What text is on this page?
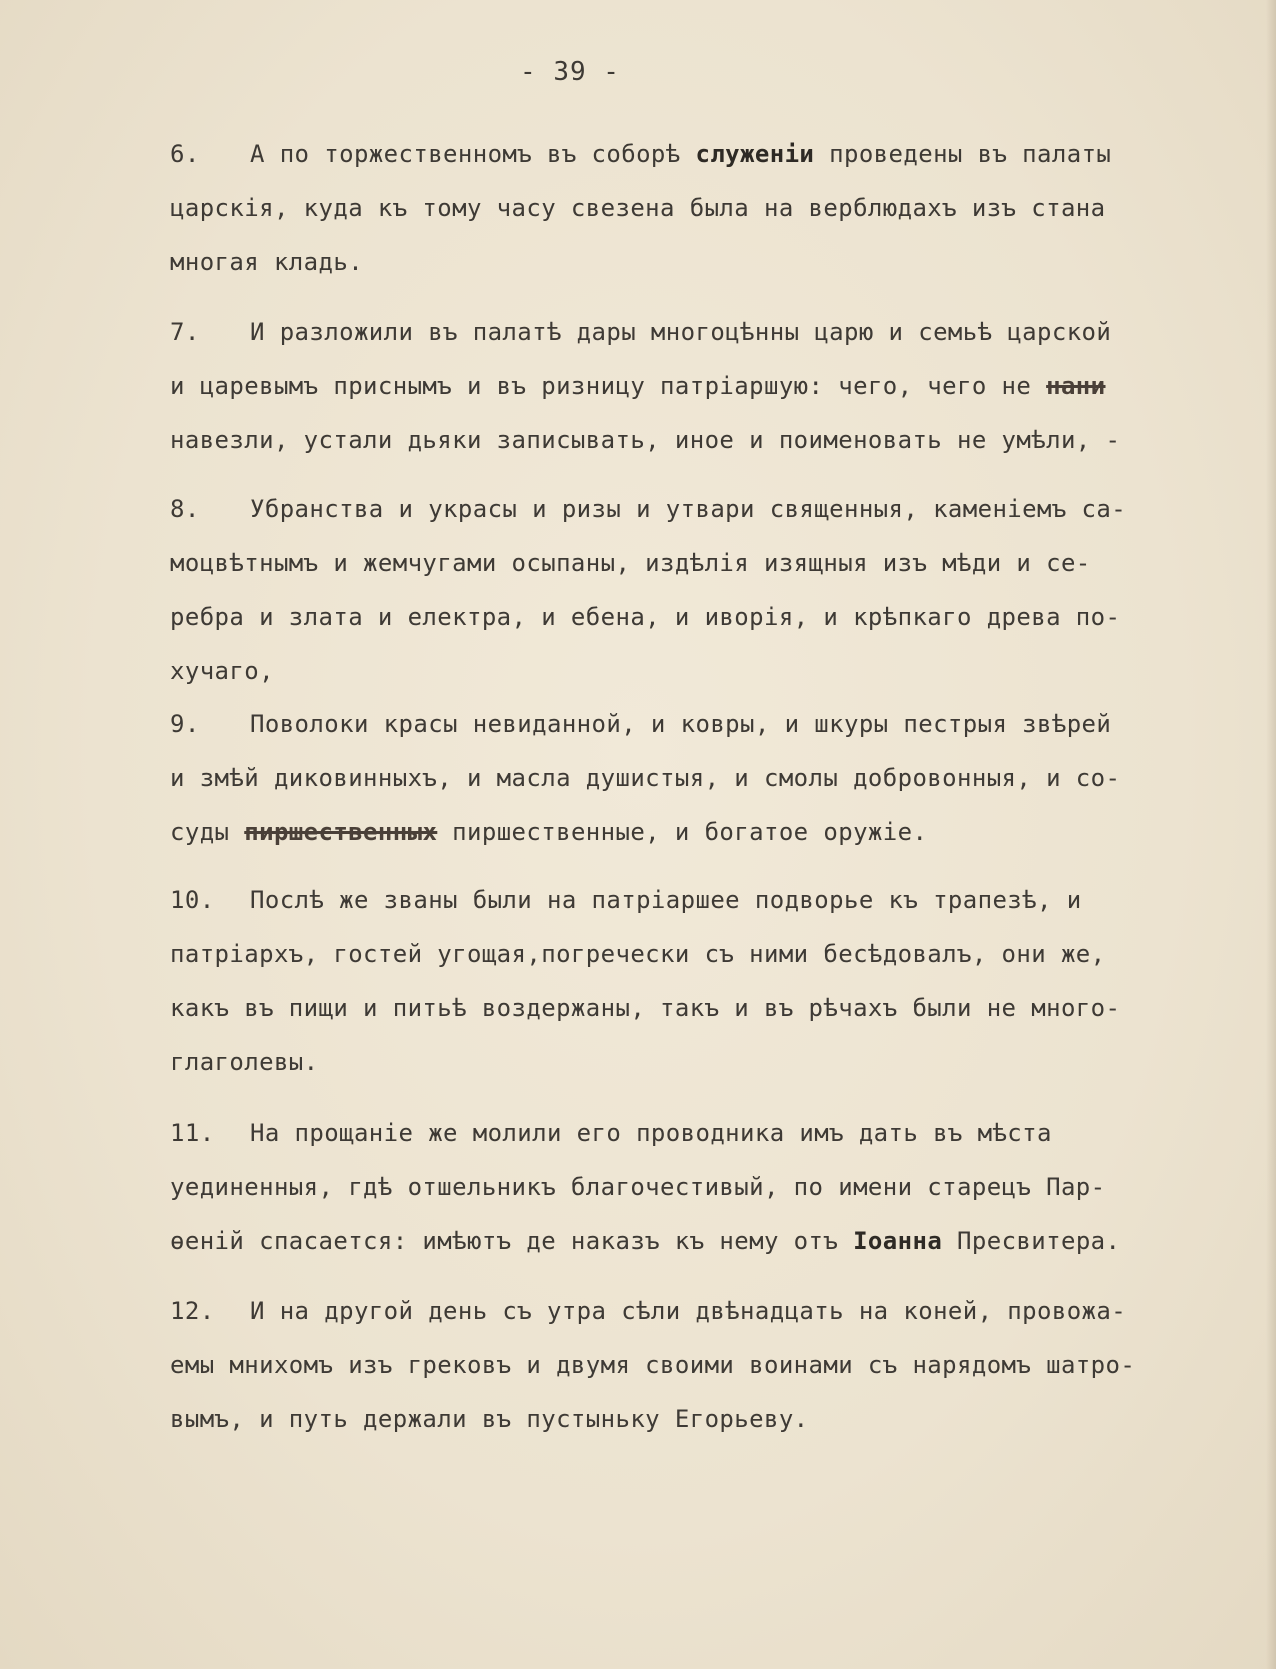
- 39 -
6. А по торжественномъ въ соборѣ служенiи проведены въ палаты
царскiя, куда къ тому часу свезена была на верблюдахъ изъ стана
многая кладь.
7. И разложили въ палатѣ дары многоцѣнны царю и семьѣ царской
и царевымъ приснымъ и въ ризницу патрiаршую: чего, чего не нани
навезли, устали дьяки записывать, иное и поименовать не умѣли, -
8. Убранства и украсы и ризы и утвари священныя, каменiемъ са-
моцвѣтнымъ и жемчугами осыпаны, издѣлiя изящныя изъ мѣди и се-
ребра и злата и електра, и ебена, и иворiя, и крѣпкаго древа по-
хучаго,
9. Поволоки красы невиданной, и ковры, и шкуры пестрыя звѣрей
и змѣй диковинныхъ, и масла душистыя, и смолы добровонныя, и со-
суды пиршественных пиршественные, и богатое оружiе.
10. Послѣ же званы были на патрiаршее подворье къ трапезѣ, и
патрiархъ, гостей угощая,погречески съ ними бесѣдовалъ, они же,
какъ въ пищи и питьѣ воздержаны, такъ и въ рѣчахъ были не много-
глаголевы.
11. На прощанiе же молили его проводника имъ дать въ мѣста
уединенныя, гдѣ отшельникъ благочестивый, по имени старецъ Пар-
ѳенiй спасается: имѣютъ де наказъ къ нему отъ Iоанна Пресвитера.
12. И на другой день съ утра сѣли двѣнадцать на коней, провожа-
емы мнихомъ изъ грековъ и двумя своими воинами съ нарядомъ шатро-
вымъ, и путь держали въ пустыньку Егорьеву.
